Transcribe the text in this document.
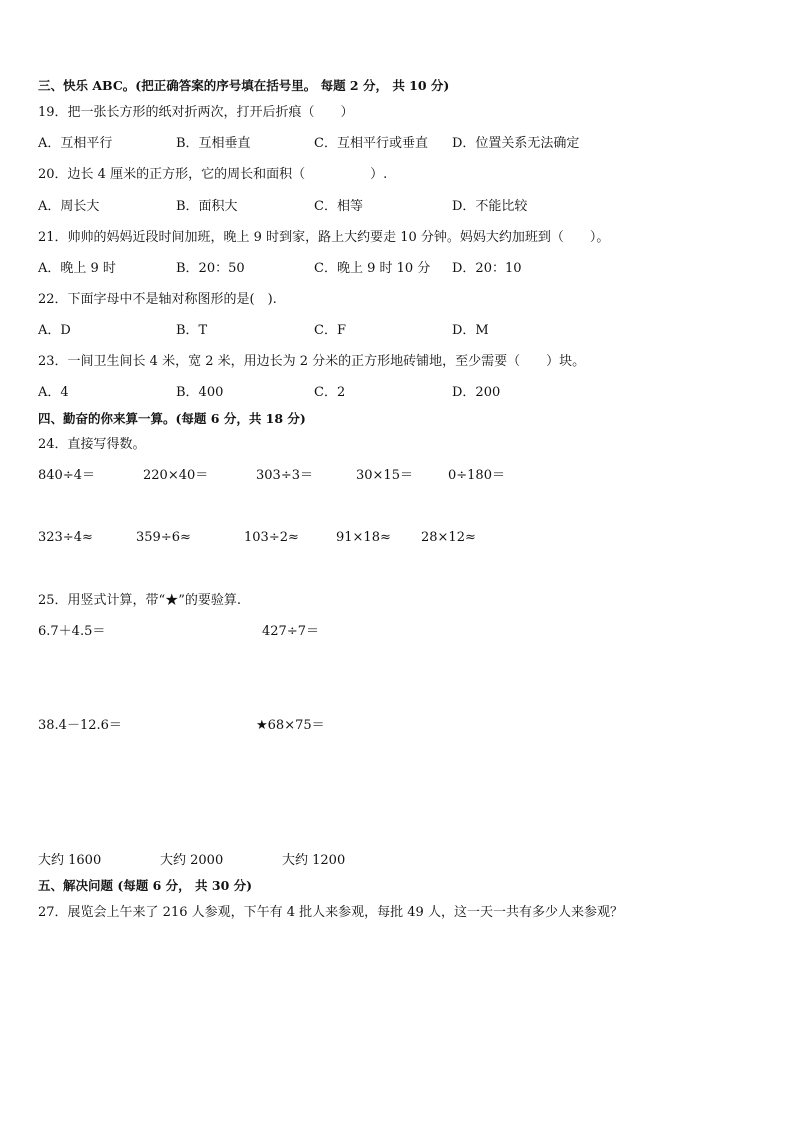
三、快乐 ABC。(把正确答案的序号填在括号里。 每题 2 分， 共 10 分)
19．把一张长方形的纸对折两次，打开后折痕（　　）
A．互相平行	B．互相垂直	C．互相平行或垂直 D．位置关系无法确定
20．边长 4 厘米的正方形，它的周长和面积（　　　　　）.
A．周长大	B．面积大	C．相等	D．不能比较
21．帅帅的妈妈近段时间加班，晚上 9 时到家，路上大约要走 10 分钟。妈妈大约加班到（　　）。
A．晚上 9 时	B．20：50	C．晚上 9 时 10 分 D．20：10
22．下面字母中不是轴对称图形的是(　).
A．D	B．T	C．F	D．M
23．一间卫生间长 4 米，宽 2 米，用边长为 2 分米的正方形地砖铺地，至少需要（　　）块。
A．4	B．400	C．2	D．200
四、勤奋的你来算一算。(每题 6 分，共 18 分)
24．直接写得数。
840÷4＝	220×40＝	303÷3＝	30×15＝	0÷180＝
323÷4≈	359÷6≈	103÷2≈	91×18≈ 28×12≈
25．用竖式计算，带“★”的要验算.
6.7＋4.5＝	427÷7＝
38.4－12.6＝	★68×75＝
大约 1600	大约 2000	大约 1200
五、解决问题 (每题 6 分， 共 30 分)
27．展览会上午来了 216 人参观，下午有 4 批人来参观，每批 49 人，这一天一共有多少人来参观？
